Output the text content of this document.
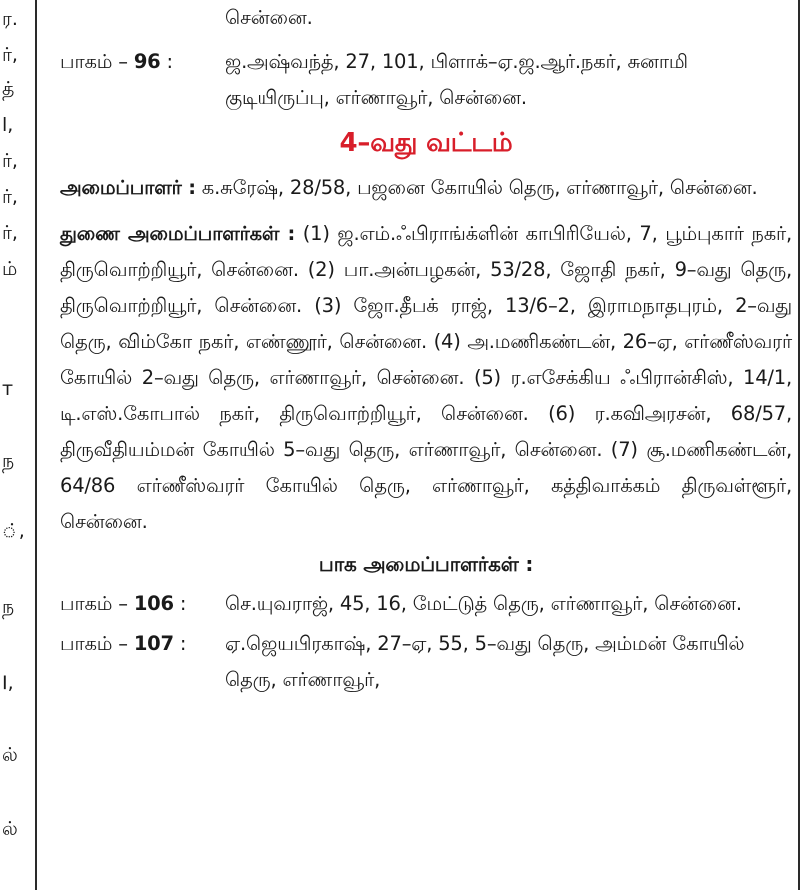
ர.
ர்,
த்
l,
ர்,
ர்,
ர்,
ம்
т
ந
்,
ந
Ι,
ல்
ல்
சென்னை.
பாகம் – 96 :	ஜ.அஷ்வந்த், 27, 101, பிளாக்–ஏ.ஜ.ஆர்.நகர், சுனாமி குடியிருப்பு, எர்ணாவூர், சென்னை.
4–வது வட்டம்
அமைப்பாளர் : க.சுரேஷ், 28/58, பஜனை கோயில் தெரு, எர்ணாவூர், சென்னை.
துணை அமைப்பாளர்கள் : (1) ஜ.எம்.ஃபிராங்க்ளின் காபிரியேல், 7, பூம்புகார் நகர், திருவொற்றியூர், சென்னை. (2) பா.அன்பழகன், 53/28, ஜோதி நகர், 9–வது தெரு, திருவொற்றியூர், சென்னை. (3) ஜோ.தீபக் ராஜ், 13/6–2, இராமநாதபுரம், 2–வது தெரு, விம்கோ நகர், எண்ணூர், சென்னை. (4) அ.மணிகண்டன், 26–ஏ, எர்ணீஸ்வரர் கோயில் 2–வது தெரு, எர்ணாவூர், சென்னை. (5) ர.எசேக்கிய ஃபிரான்சிஸ், 14/1, டி.எஸ்.கோபால் நகர், திருவொற்றியூர், சென்னை. (6) ர.கவிஅரசன், 68/57, திருவீதியம்மன் கோயில் 5–வது தெரு, எர்ணாவூர், சென்னை. (7) சூ.மணிகண்டன், 64/86 எர்ணீஸ்வரர் கோயில் தெரு, எர்ணாவூர், கத்திவாக்கம் திருவள்ளூர், சென்னை.
பாக அமைப்பாளர்கள் :
பாகம் – 106 : செ.யுவராஜ், 45, 16, மேட்டுத் தெரு, எர்ணாவூர், சென்னை.
பாகம் – 107 : ஏ.ஜெயபிரகாஷ், 27–ஏ, 55, 5–வது தெரு, அம்மன் கோயில் தெரு, எர்ணாவூர்,
